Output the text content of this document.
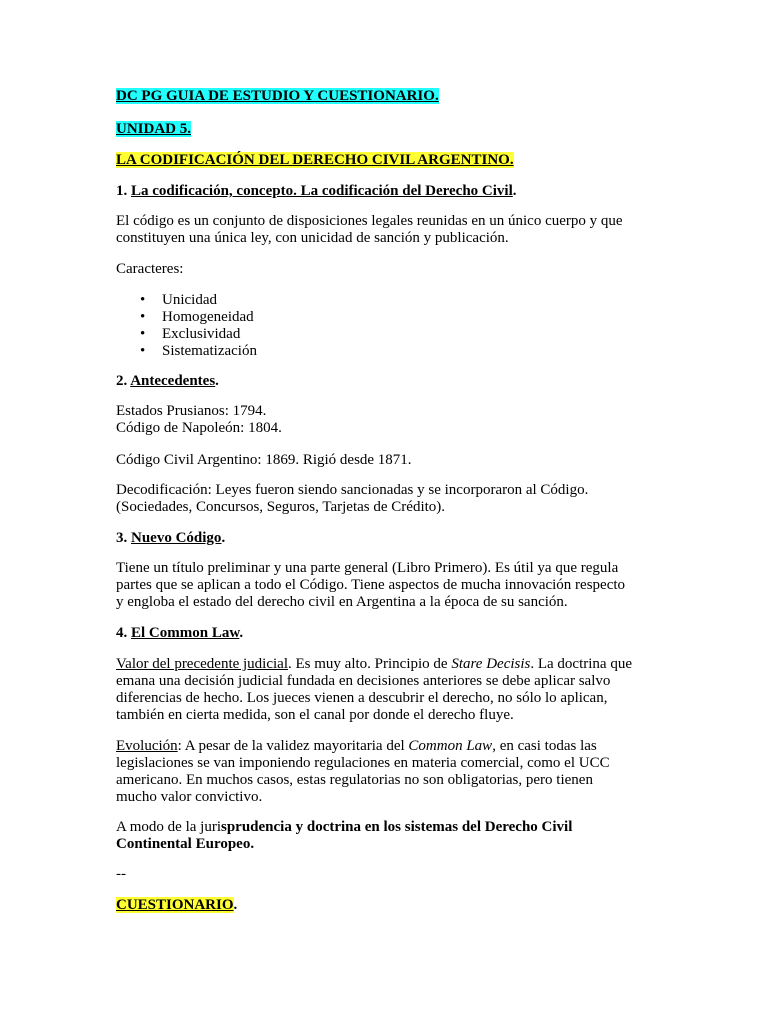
DC PG GUIA DE ESTUDIO Y CUESTIONARIO.

UNIDAD 5.

LA CODIFICACIÓN DEL DERECHO CIVIL ARGENTINO.

1. La codificación, concepto. La codificación del Derecho Civil.

El código es un conjunto de disposiciones legales reunidas en un único cuerpo y que
constituyen una única ley, con unicidad de sanción y publicación.

Caracteres:

• Unicidad
• Homogeneidad
• Exclusividad
• Sistematización

2. Antecedentes.

Estados Prusianos: 1794.
Código de Napoleón: 1804.

Código Civil Argentino: 1869. Rigió desde 1871.

Decodificación: Leyes fueron siendo sancionadas y se incorporaron al Código.
(Sociedades, Concursos, Seguros, Tarjetas de Crédito).

3. Nuevo Código.

Tiene un título preliminar y una parte general (Libro Primero). Es útil ya que regula
partes que se aplican a todo el Código. Tiene aspectos de mucha innovación respecto
y engloba el estado del derecho civil en Argentina a la época de su sanción.

4. El Common Law.

Valor del precedente judicial. Es muy alto. Principio de Stare Decisis. La doctrina que
emana una decisión judicial fundada en decisiones anteriores se debe aplicar salvo
diferencias de hecho. Los jueces vienen a descubrir el derecho, no sólo lo aplican,
también en cierta medida, son el canal por donde el derecho fluye.

Evolución: A pesar de la validez mayoritaria del Common Law, en casi todas las
legislaciones se van imponiendo regulaciones en materia comercial, como el UCC
americano. En muchos casos, estas regulatorias no son obligatorias, pero tienen
mucho valor convictivo.

A modo de la jurisprudencia y doctrina en los sistemas del Derecho Civil
Continental Europeo.

--

CUESTIONARIO.
